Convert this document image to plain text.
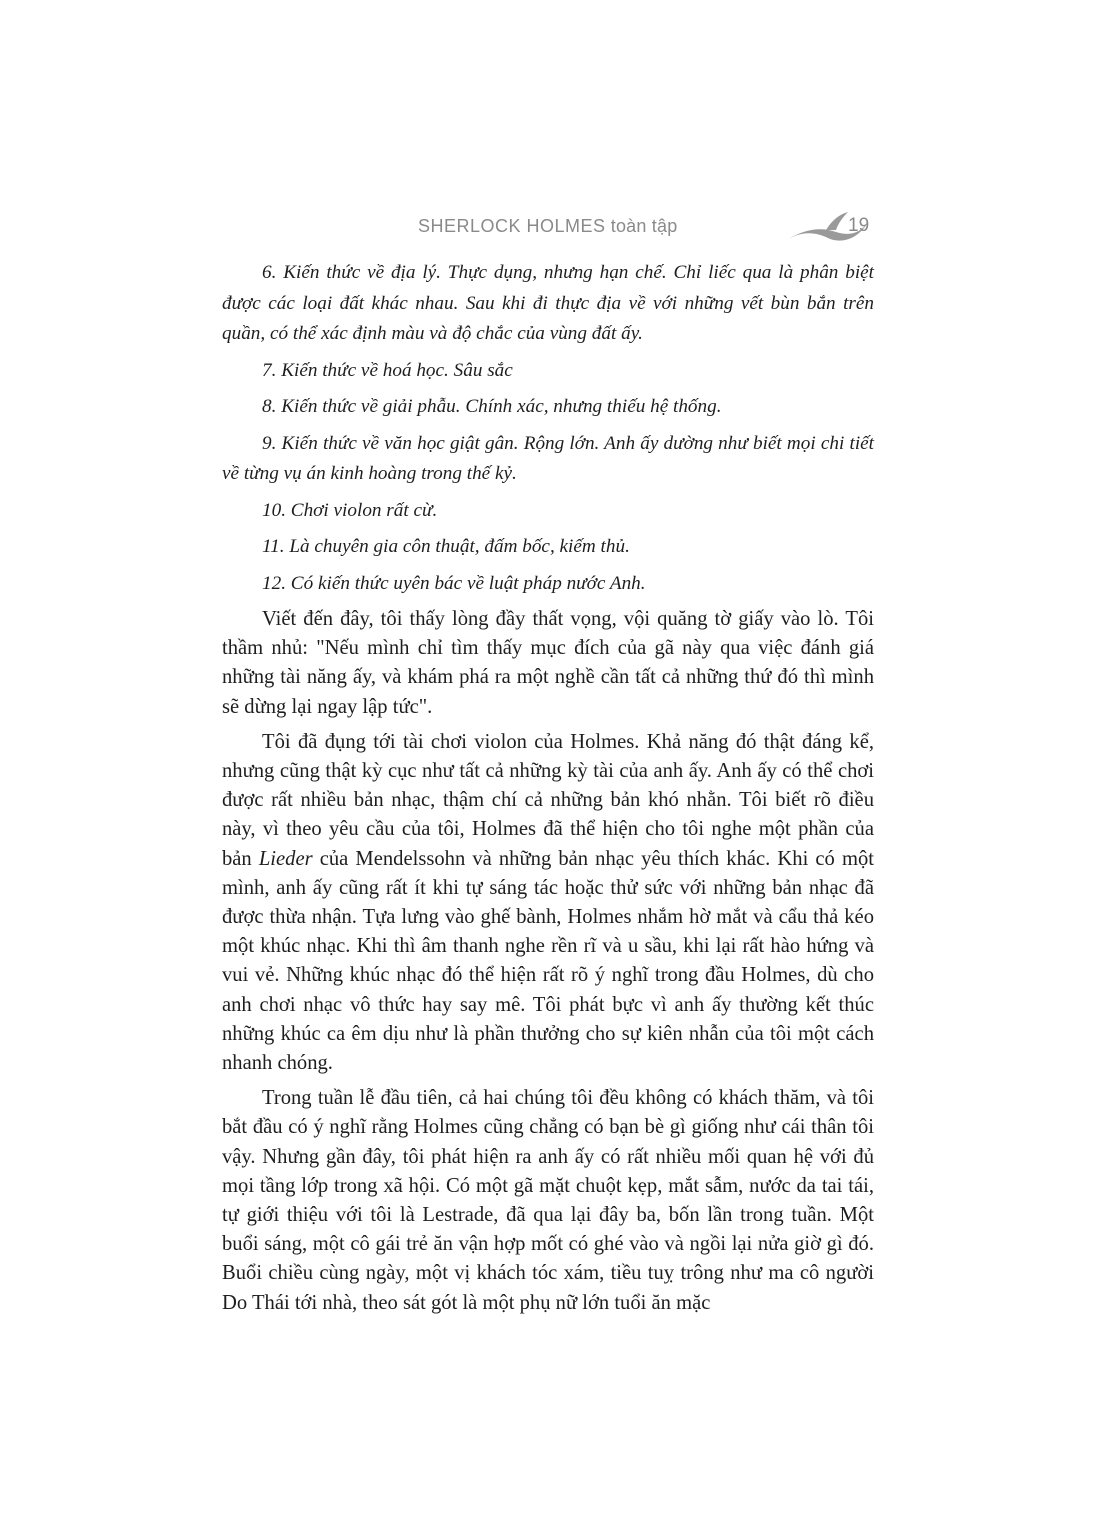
SHERLOCK HOLMES toàn tập	19

6. Kiến thức về địa lý. Thực dụng, nhưng hạn chế. Chỉ liếc qua là phân biệt được các loại đất khác nhau. Sau khi đi thực địa về với những vết bùn bắn trên quần, có thể xác định màu và độ chắc của vùng đất ấy.

7. Kiến thức về hoá học. Sâu sắc

8. Kiến thức về giải phẫu. Chính xác, nhưng thiếu hệ thống.

9. Kiến thức về văn học giật gân. Rộng lớn. Anh ấy dường như biết mọi chi tiết về từng vụ án kinh hoàng trong thế kỷ.

10. Chơi violon rất cừ.

11. Là chuyên gia côn thuật, đấm bốc, kiếm thủ.

12. Có kiến thức uyên bác về luật pháp nước Anh.

Viết đến đây, tôi thấy lòng đầy thất vọng, vội quăng tờ giấy vào lò. Tôi thầm nhủ: "Nếu mình chỉ tìm thấy mục đích của gã này qua việc đánh giá những tài năng ấy, và khám phá ra một nghề cần tất cả những thứ đó thì mình sẽ dừng lại ngay lập tức".

Tôi đã đụng tới tài chơi violon của Holmes. Khả năng đó thật đáng kể, nhưng cũng thật kỳ cục như tất cả những kỳ tài của anh ấy. Anh ấy có thể chơi được rất nhiều bản nhạc, thậm chí cả những bản khó nhằn. Tôi biết rõ điều này, vì theo yêu cầu của tôi, Holmes đã thể hiện cho tôi nghe một phần của bản Lieder của Mendelssohn và những bản nhạc yêu thích khác. Khi có một mình, anh ấy cũng rất ít khi tự sáng tác hoặc thử sức với những bản nhạc đã được thừa nhận. Tựa lưng vào ghế bành, Holmes nhắm hờ mắt và cẩu thả kéo một khúc nhạc. Khi thì âm thanh nghe rền rĩ và u sầu, khi lại rất hào hứng và vui vẻ. Những khúc nhạc đó thể hiện rất rõ ý nghĩ trong đầu Holmes, dù cho anh chơi nhạc vô thức hay say mê. Tôi phát bực vì anh ấy thường kết thúc những khúc ca êm dịu như là phần thưởng cho sự kiên nhẫn của tôi một cách nhanh chóng.

Trong tuần lễ đầu tiên, cả hai chúng tôi đều không có khách thăm, và tôi bắt đầu có ý nghĩ rằng Holmes cũng chẳng có bạn bè gì giống như cái thân tôi vậy. Nhưng gần đây, tôi phát hiện ra anh ấy có rất nhiều mối quan hệ với đủ mọi tầng lớp trong xã hội. Có một gã mặt chuột kẹp, mắt sẫm, nước da tai tái, tự giới thiệu với tôi là Lestrade, đã qua lại đây ba, bốn lần trong tuần. Một buổi sáng, một cô gái trẻ ăn vận hợp mốt có ghé vào và ngồi lại nửa giờ gì đó. Buổi chiều cùng ngày, một vị khách tóc xám, tiều tuỵ trông như ma cô người Do Thái tới nhà, theo sát gót là một phụ nữ lớn tuổi ăn mặc
